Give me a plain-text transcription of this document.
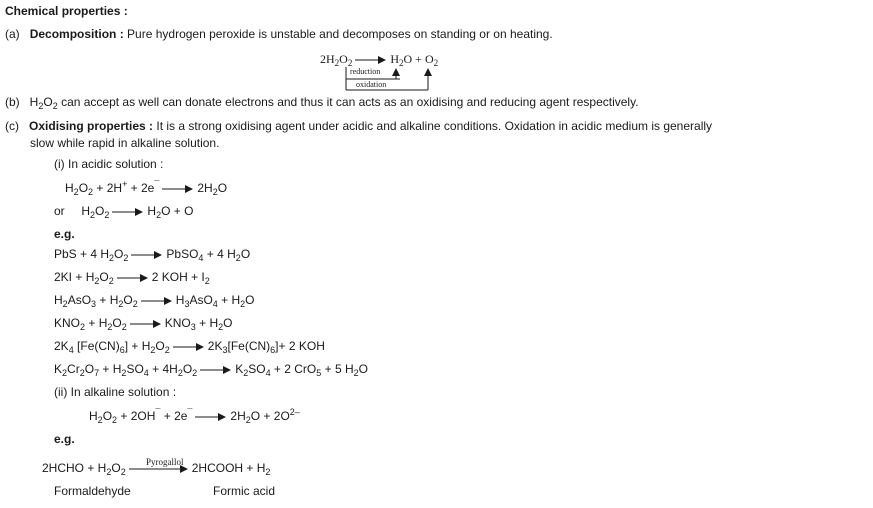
Chemical properties :
(a) Decomposition : Pure hydrogen peroxide is unstable and decomposes on standing or on heating.
$2H_2O_2 \to H_2O + O_2$
reduction
oxidation
(b)   $H_2O_2$ can accept as well can donate electrons and thus it can acts as an oxidising and reducing agent respectively.
(c) Oxidising properties : It is a strong oxidising agent under acidic and alkaline conditions. Oxidation in acidic medium is generally
slow while rapid in alkaline solution.
(i) In acidic solution :
$H_2O_2 + 2H^+ + 2e^¯ \to 2H_2O$
or     $H_2O_2 \to H_2O + O$
e.g.
PbS + 4 $H_2O_2$ → PbSO$_4$ + 4 $H_2O$
$2KI + H_2O_2 \to 2$ KOH + $I_2$
$H_2AsO_3 + H_2O_2 \to H_3AsO_4 + H_2O$
$KNO_2 + H_2O_2 \to KNO_3 + H_2O$
$2K_4$ $[Fe(CN)_6] + H_2O_2 \to 2K_3[Fe(CN)_6]+ 2$ KOH
$K_2Cr_2O_7 + H_2SO_4 + 4H_2O_2 \to K_2SO_4 + 2$ CrO$_5$ + 5 $H_2O$
(ii) In alkaline solution :
$H_2O_2 + 2OH^¯ + 2e^¯ \to 2H_2O + 2O^{2-}$
e.g.
Pyrogallol
2HCHO + $H_2O_2$	2HCOOH + $H_2$
Formaldehyde	Formic acid
